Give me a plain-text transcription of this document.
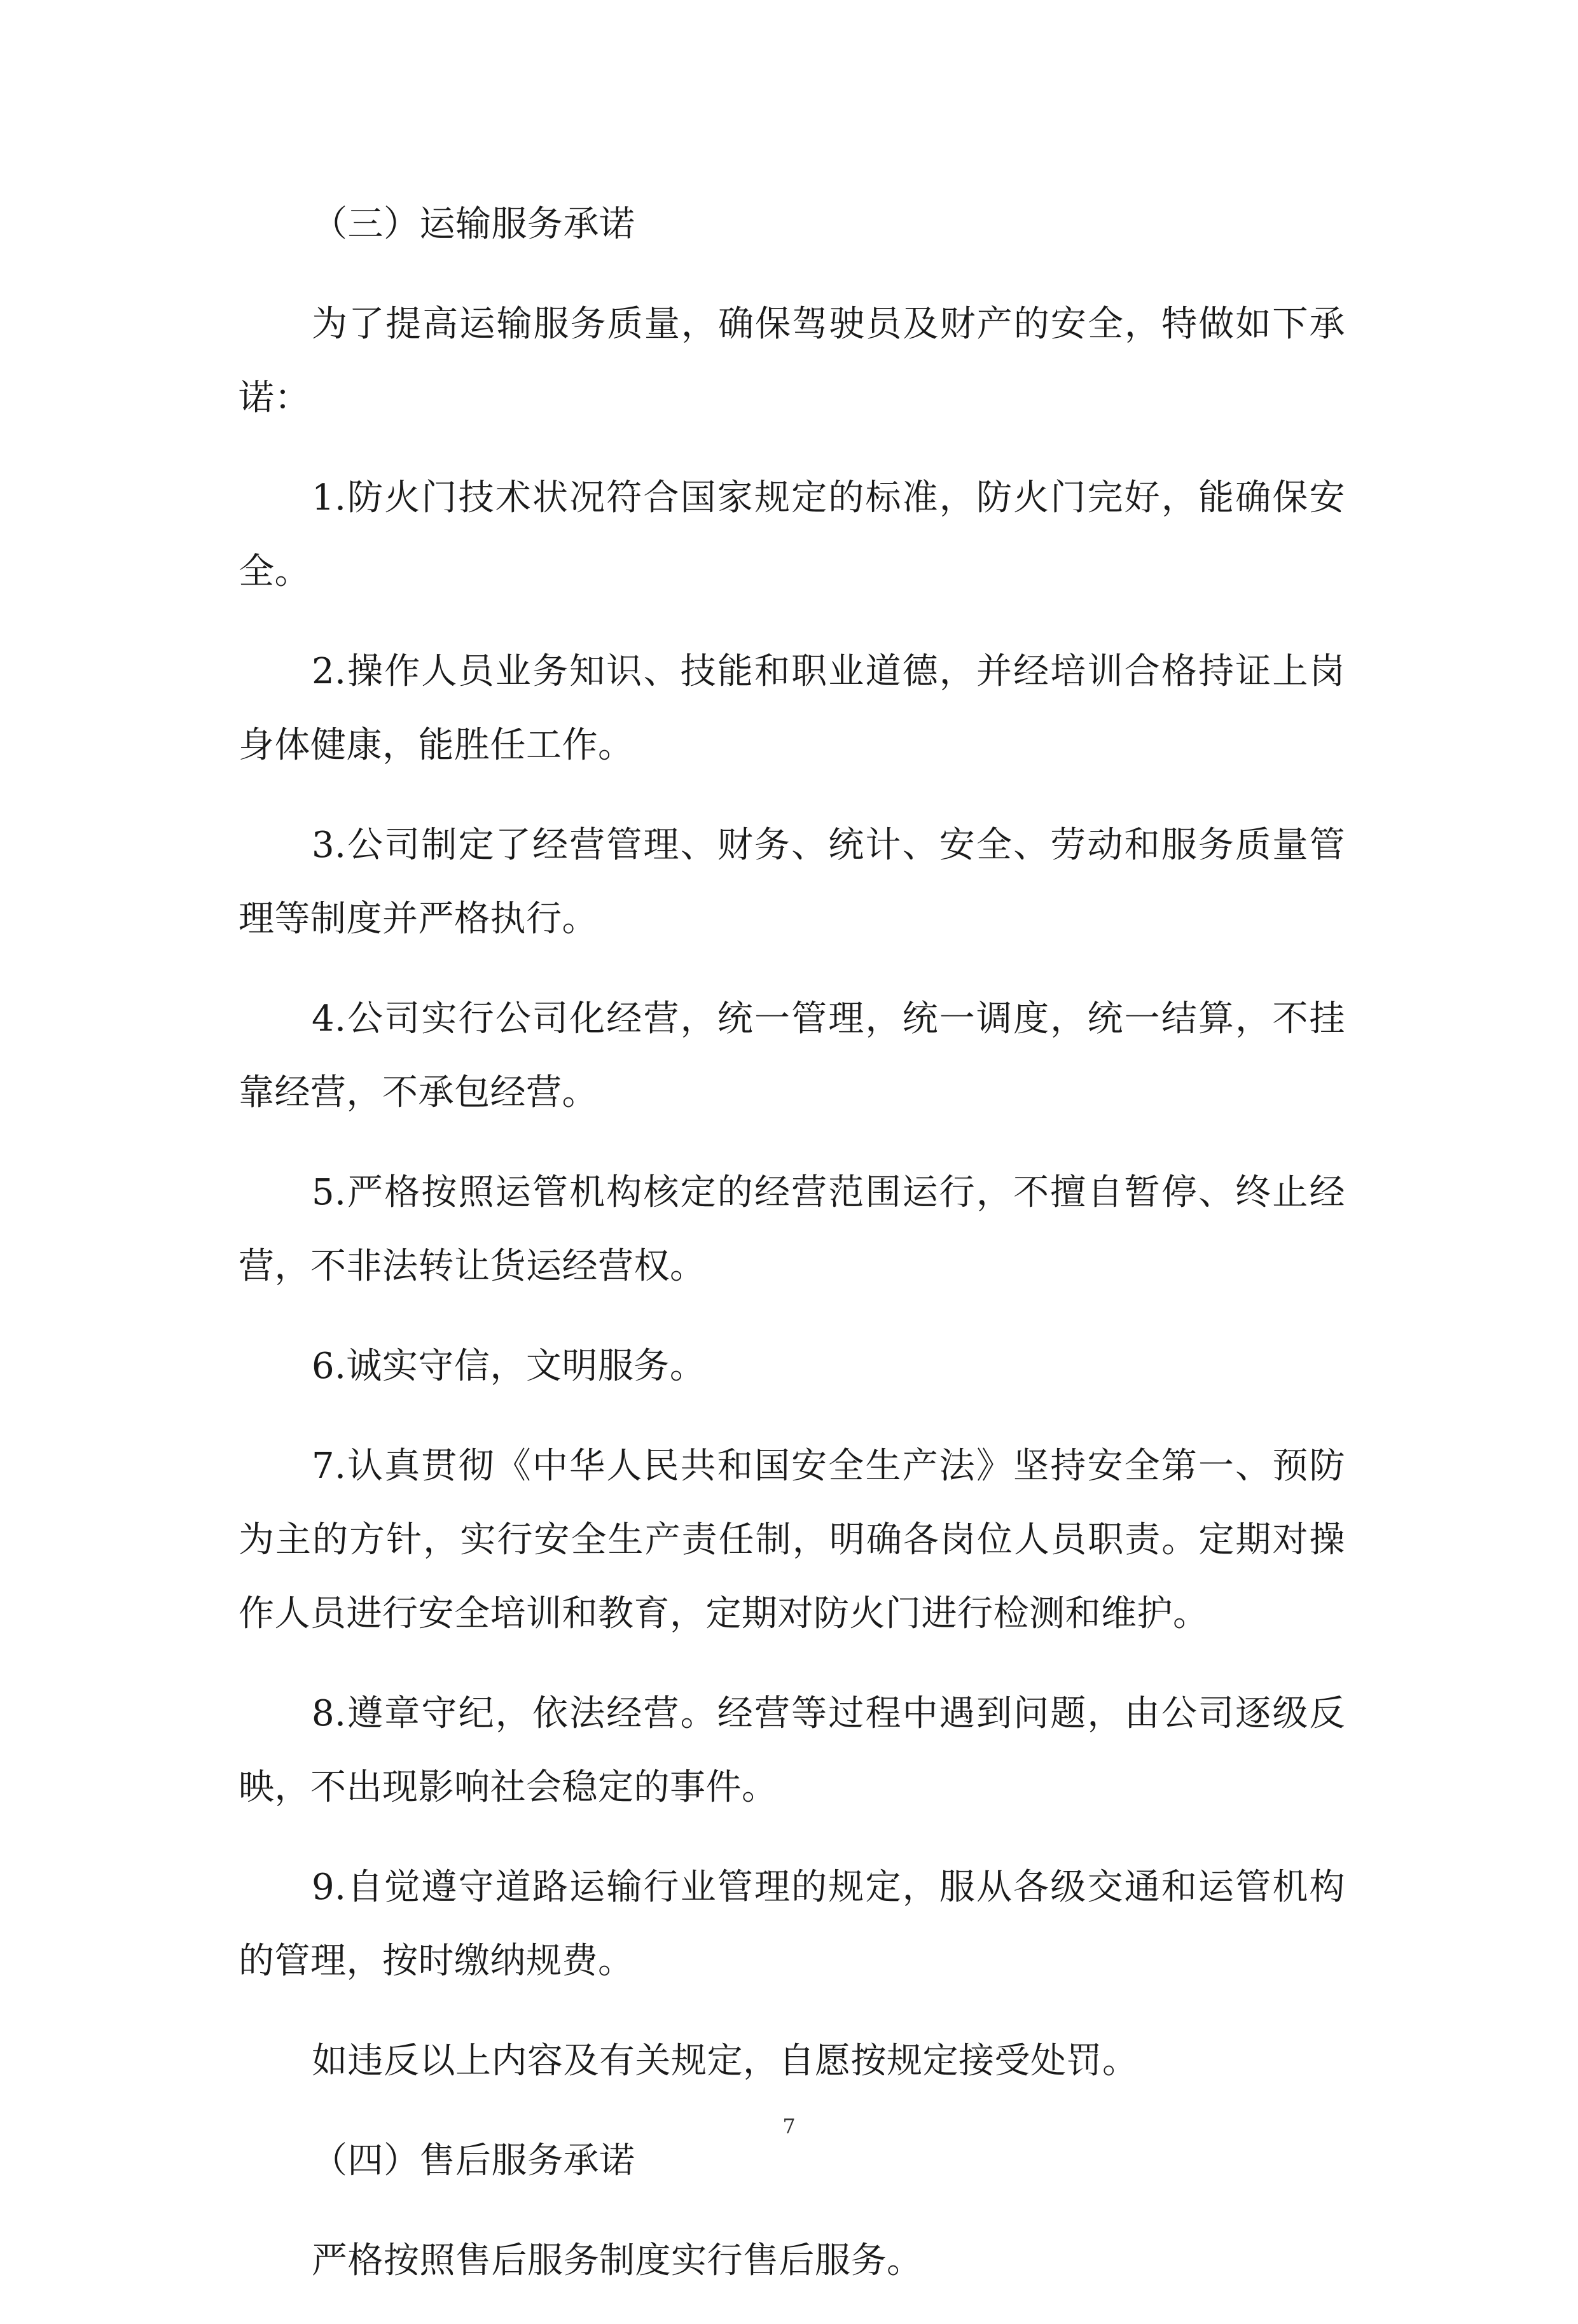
（三）运输服务承诺

为了提高运输服务质量，确保驾驶员及财产的安全，特做如下承诺：

1.防火门技术状况符合国家规定的标准，防火门完好，能确保安全。

2.操作人员业务知识、技能和职业道德，并经培训合格持证上岗身体健康，能胜任工作。

3.公司制定了经营管理、财务、统计、安全、劳动和服务质量管理等制度并严格执行。

4.公司实行公司化经营，统一管理，统一调度，统一结算，不挂靠经营，不承包经营。

5.严格按照运管机构核定的经营范围运行，不擅自暂停、终止经营，不非法转让货运经营权。

6.诚实守信，文明服务。

7.认真贯彻《中华人民共和国安全生产法》坚持安全第一、预防为主的方针，实行安全生产责任制，明确各岗位人员职责。定期对操作人员进行安全培训和教育，定期对防火门进行检测和维护。

8.遵章守纪，依法经营。经营等过程中遇到问题，由公司逐级反映，不出现影响社会稳定的事件。

9.自觉遵守道路运输行业管理的规定，服从各级交通和运管机构的管理，按时缴纳规费。

如违反以上内容及有关规定，自愿按规定接受处罚。

（四）售后服务承诺

严格按照售后服务制度实行售后服务。

7
